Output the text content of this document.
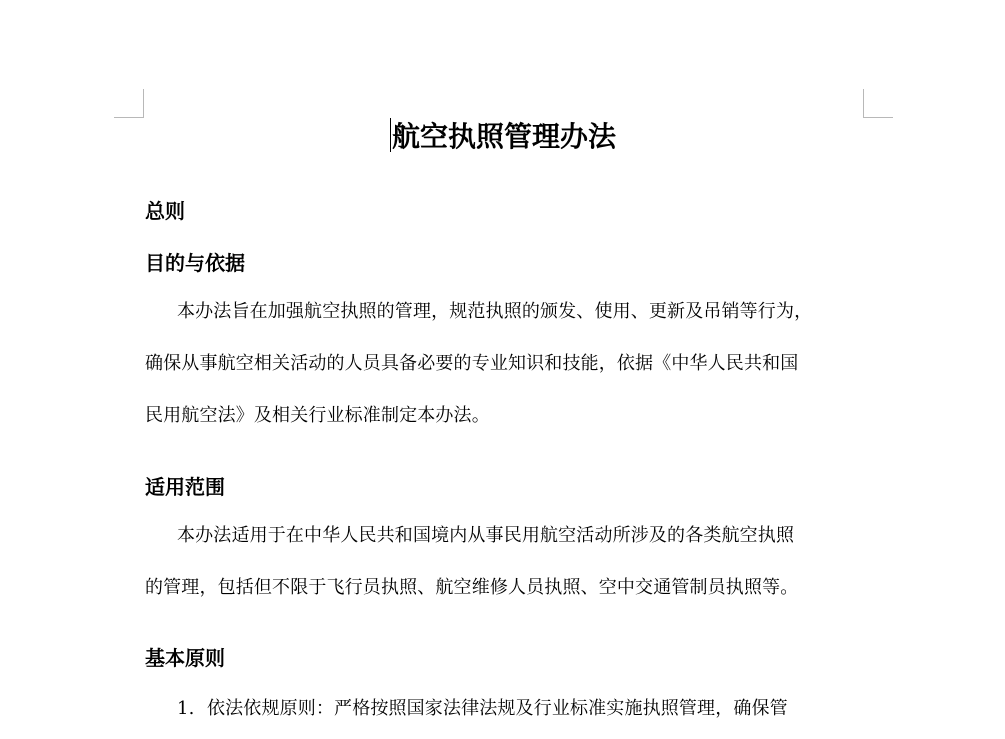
航空执照管理办法
总则
目的与依据

本办法旨在加强航空执照的管理，规范执照的颁发、使用、更新及吊销等行为，
确保从事航空相关活动的人员具备必要的专业知识和技能，依据《中华人民共和国
民用航空法》及相关行业标准制定本办法。

适用范围

本办法适用于在中华人民共和国境内从事民用航空活动所涉及的各类航空执照
的管理，包括但不限于飞行员执照、航空维修人员执照、空中交通管制员执照等。

基本原则

1. 依法依规原则：严格按照国家法律法规及行业标准实施执照管理，确保管
